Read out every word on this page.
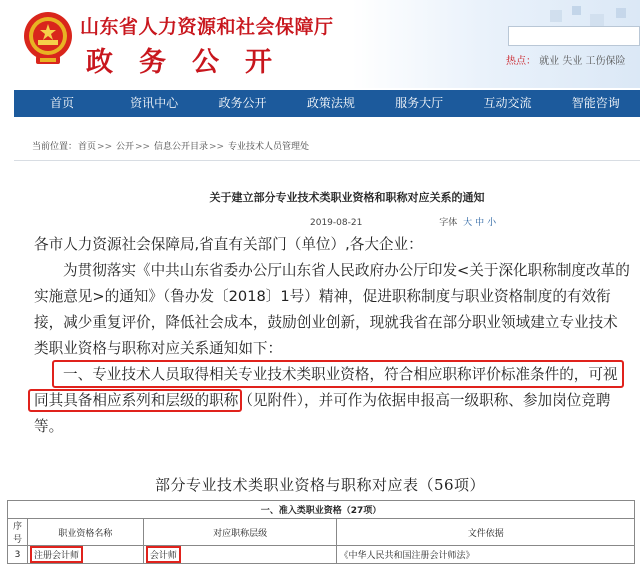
山东省人力资源和社会保障厅
政务公开	热点： 就业 失业 工伤保险
首页	资讯中心	政务公开	政策法规	服务大厅	互动交流	智能咨询
当前位置：首页>> 公开>> 信息公开目录>> 专业技术人员管理处
关于建立部分专业技术类职业资格和职称对应关系的通知
2019-08-21	字体 大 中 小
各市人力资源社会保障局,省直有关部门（单位）,各大企业：
为贯彻落实《中共山东省委办公厅山东省人民政府办公厅印发<关于深化职称制度改革的
实施意见>的通知》（鲁办发〔2018〕1号）精神，促进职称制度与职业资格制度的有效衔
接，减少重复评价，降低社会成本，鼓励创业创新，现就我省在部分职业领域建立专业技术
类职业资格与职称对应关系通知如下：
一、专业技术人员取得相关专业技术类职业资格，符合相应职称评价标准条件的，可视
同其具备相应系列和层级的职称
（见附件），并可作为依据申报高一级职称、参加岗位竞聘
等。
部分专业技术类职业资格与职称对应表（56项）
一、准入类职业资格（27项）			
序号	职业资格名称	对应职称层级	文件依据
3	注册会计师	会计师	《中华人民共和国注册会计师法》
